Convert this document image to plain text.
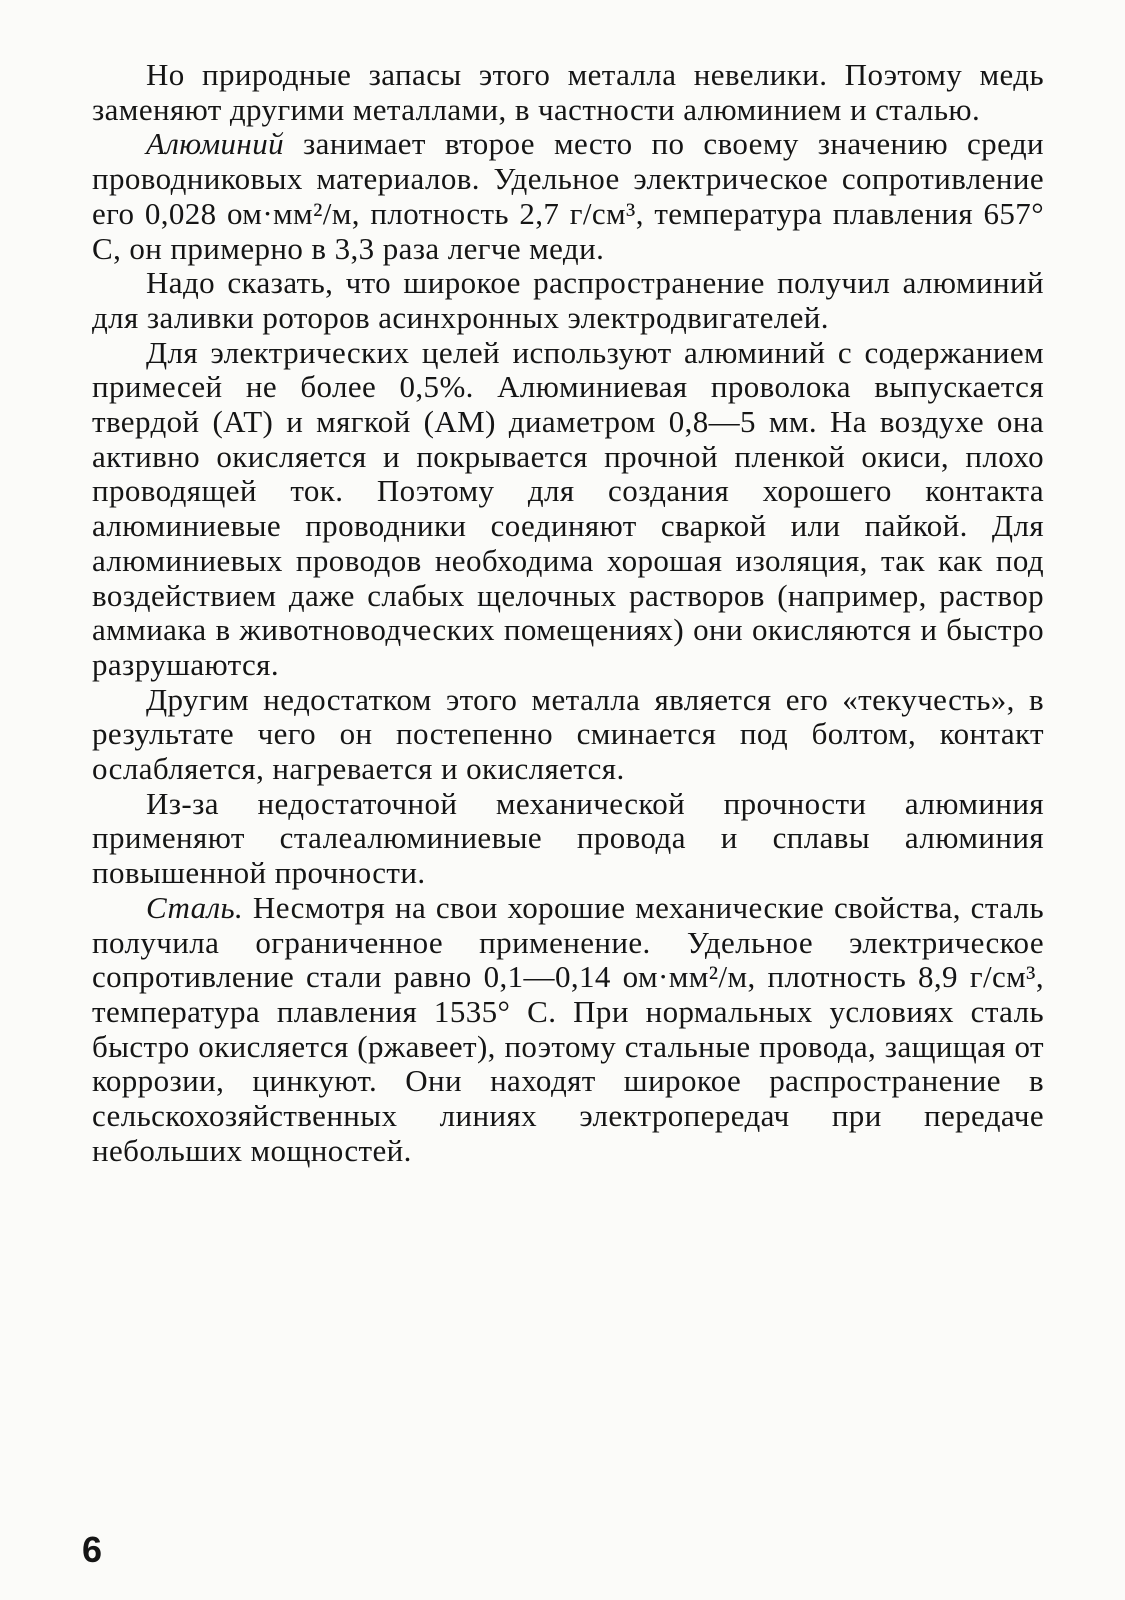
Но природные запасы этого металла невелики. Поэтому медь заменяют другими металлами, в частности алюминием и сталью.

Алюминий занимает второе место по своему значению среди проводниковых материалов. Удельное электрическое сопротивление его 0,028 ом·мм²/м, плотность 2,7 г/см³, температура плавления 657° С, он примерно в 3,3 раза легче меди.

Надо сказать, что широкое распространение получил алюминий для заливки роторов асинхронных электродвигателей.

Для электрических целей используют алюминий с содержанием примесей не более 0,5%. Алюминиевая проволока выпускается твердой (АТ) и мягкой (АМ) диаметром 0,8—5 мм. На воздухе она активно окисляется и покрывается прочной пленкой окиси, плохо проводящей ток. Поэтому для создания хорошего контакта алюминиевые проводники соединяют сваркой или пайкой. Для алюминиевых проводов необходима хорошая изоляция, так как под воздействием даже слабых щелочных растворов (например, раствор аммиака в животноводческих помещениях) они окисляются и быстро разрушаются.

Другим недостатком этого металла является его «текучесть», в результате чего он постепенно сминается под болтом, контакт ослабляется, нагревается и окисляется.

Из-за недостаточной механической прочности алюминия применяют сталеалюминиевые провода и сплавы алюминия повышенной прочности.

Сталь. Несмотря на свои хорошие механические свойства, сталь получила ограниченное применение. Удельное электрическое сопротивление стали равно 0,1—0,14 ом·мм²/м, плотность 8,9 г/см³, температура плавления 1535° С. При нормальных условиях сталь быстро окисляется (ржавеет), поэтому стальные провода, защищая от коррозии, цинкуют. Они находят широкое распространение в сельскохозяйственных линиях электропередач при передаче небольших мощностей.

6
